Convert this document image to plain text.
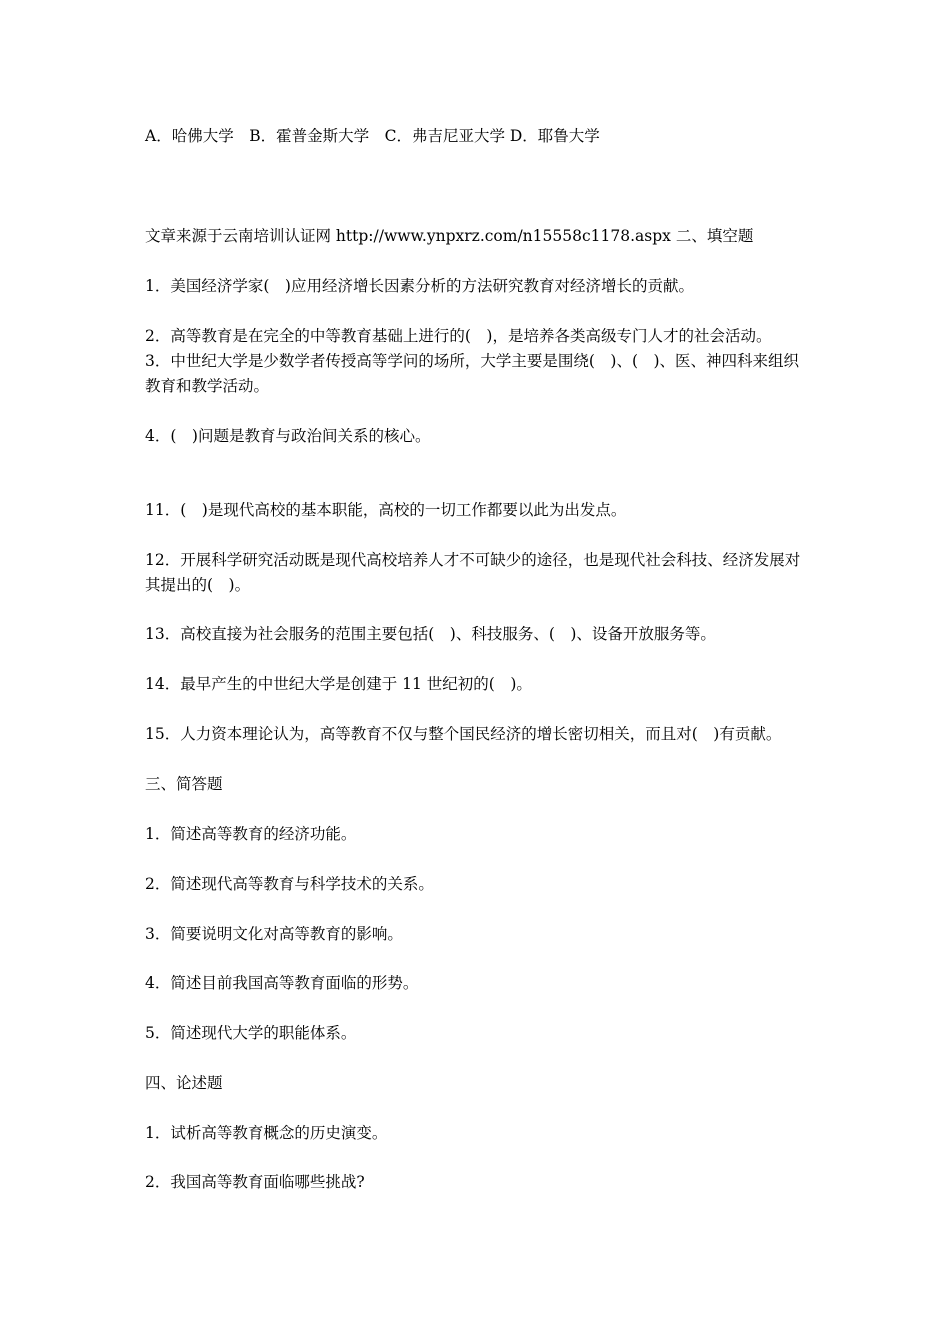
A．哈佛大学　B．霍普金斯大学　C．弗吉尼亚大学 D．耶鲁大学
文章来源于云南培训认证网 http://www.ynpxrz.com/n15558c1178.aspx 二、填空题
1．美国经济学家(　)应用经济增长因素分析的方法研究教育对经济增长的贡献。
2．高等教育是在完全的中等教育基础上进行的(　)，是培养各类高级专门人才的社会活动。
3．中世纪大学是少数学者传授高等学问的场所，大学主要是围绕(　)、(　)、医、神四科来组织教育和教学活动。
4．(　)问题是教育与政治间关系的核心。
11．(　)是现代高校的基本职能，高校的一切工作都要以此为出发点。
12．开展科学研究活动既是现代高校培养人才不可缺少的途径，也是现代社会科技、经济发展对其提出的(　)。
13．高校直接为社会服务的范围主要包括(　)、科技服务、(　)、设备开放服务等。
14．最早产生的中世纪大学是创建于 11 世纪初的(　)。
15．人力资本理论认为，高等教育不仅与整个国民经济的增长密切相关，而且对(　)有贡献。
三、简答题
1．简述高等教育的经济功能。
2．简述现代高等教育与科学技术的关系。
3．简要说明文化对高等教育的影响。
4．简述目前我国高等教育面临的形势。
5．简述现代大学的职能体系。
四、论述题
1．试析高等教育概念的历史演变。
2．我国高等教育面临哪些挑战?
